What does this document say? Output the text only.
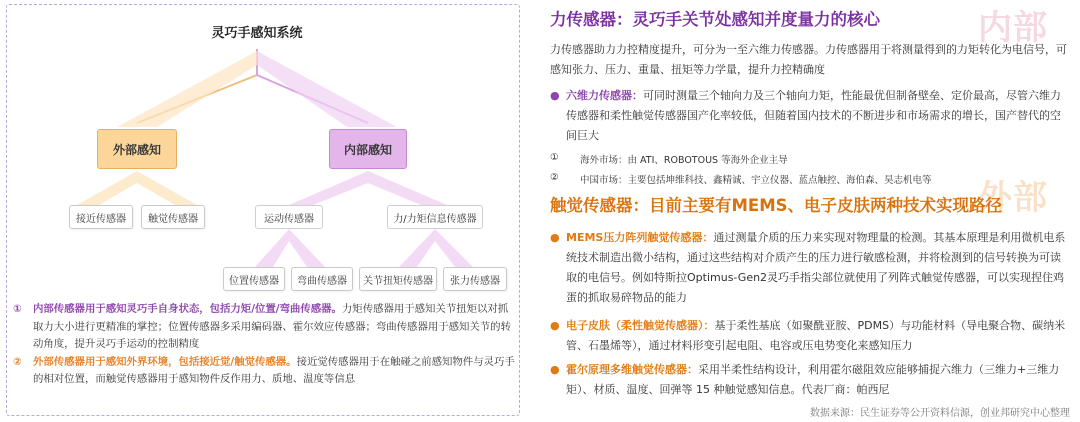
灵巧手感知系统
外部感知	内部感知
接近传感器	触觉传感器	运动传感器	力/力矩信息传感器
位置传感器	弯曲传感器	关节扭矩传感器	张力传感器
① 内部传感器用于感知灵巧手自身状态，包括力矩/位置/弯曲传感器。力矩传感器用于感知关节扭矩以对抓取力大小进行更精准的掌控；位置传感器多采用编码器、霍尔效应传感器；弯曲传感器用于感知关节的转动角度，提升灵巧手运动的控制精度
② 外部传感器用于感知外界环境，包括接近觉/触觉传感器。接近觉传感器用于在触碰之前感知物件与灵巧手的相对位置，而触觉传感器用于感知物件反作用力、质地、温度等信息
内部
外部
力传感器：灵巧手关节处感知并度量力的核心
力传感器助力力控精度提升，可分为一至六维力传感器。力传感器用于将测量得到的力矩转化为电信号，可感知张力、压力、重量、扭矩等力学量，提升力控精确度
● 六维力传感器：可同时测量三个轴向力及三个轴向力矩，性能最优但制备壁垒、定价最高，尽管六维力传感器和柔性触觉传感器国产化率较低，但随着国内技术的不断进步和市场需求的增长，国产替代的空间巨大
① 海外市场：由 ATI、ROBOTOUS 等海外企业主导
② 中国市场：主要包括坤维科技、鑫精诚、宇立仪器、蓝点触控、海伯森、昊志机电等
触觉传感器：目前主要有MEMS、电子皮肤两种技术实现路径
● MEMS压力阵列触觉传感器：通过测量介质的压力来实现对物理量的检测。其基本原理是利用微机电系统技术制造出微小结构，通过这些结构对介质产生的压力进行敏感检测，并将检测到的信号转换为可读取的电信号。例如特斯拉Optimus-Gen2灵巧手指尖部位就使用了列阵式触觉传感器，可以实现捏住鸡蛋的抓取易碎物品的能力
● 电子皮肤（柔性触觉传感器）：基于柔性基底（如聚酰亚胺、PDMS）与功能材料（导电聚合物、碳纳米管、石墨烯等），通过材料形变引起电阻、电容或压电势变化来感知压力
● 霍尔原理多维触觉传感器：采用半柔性结构设计，利用霍尔磁阻效应能够捕捉六维力（三维力+三维力矩）、材质、温度、回弹等 15 种触觉感知信息。代表厂商：帕西尼
数据来源：民生证券等公开资料信源，创业邦研究中心整理
